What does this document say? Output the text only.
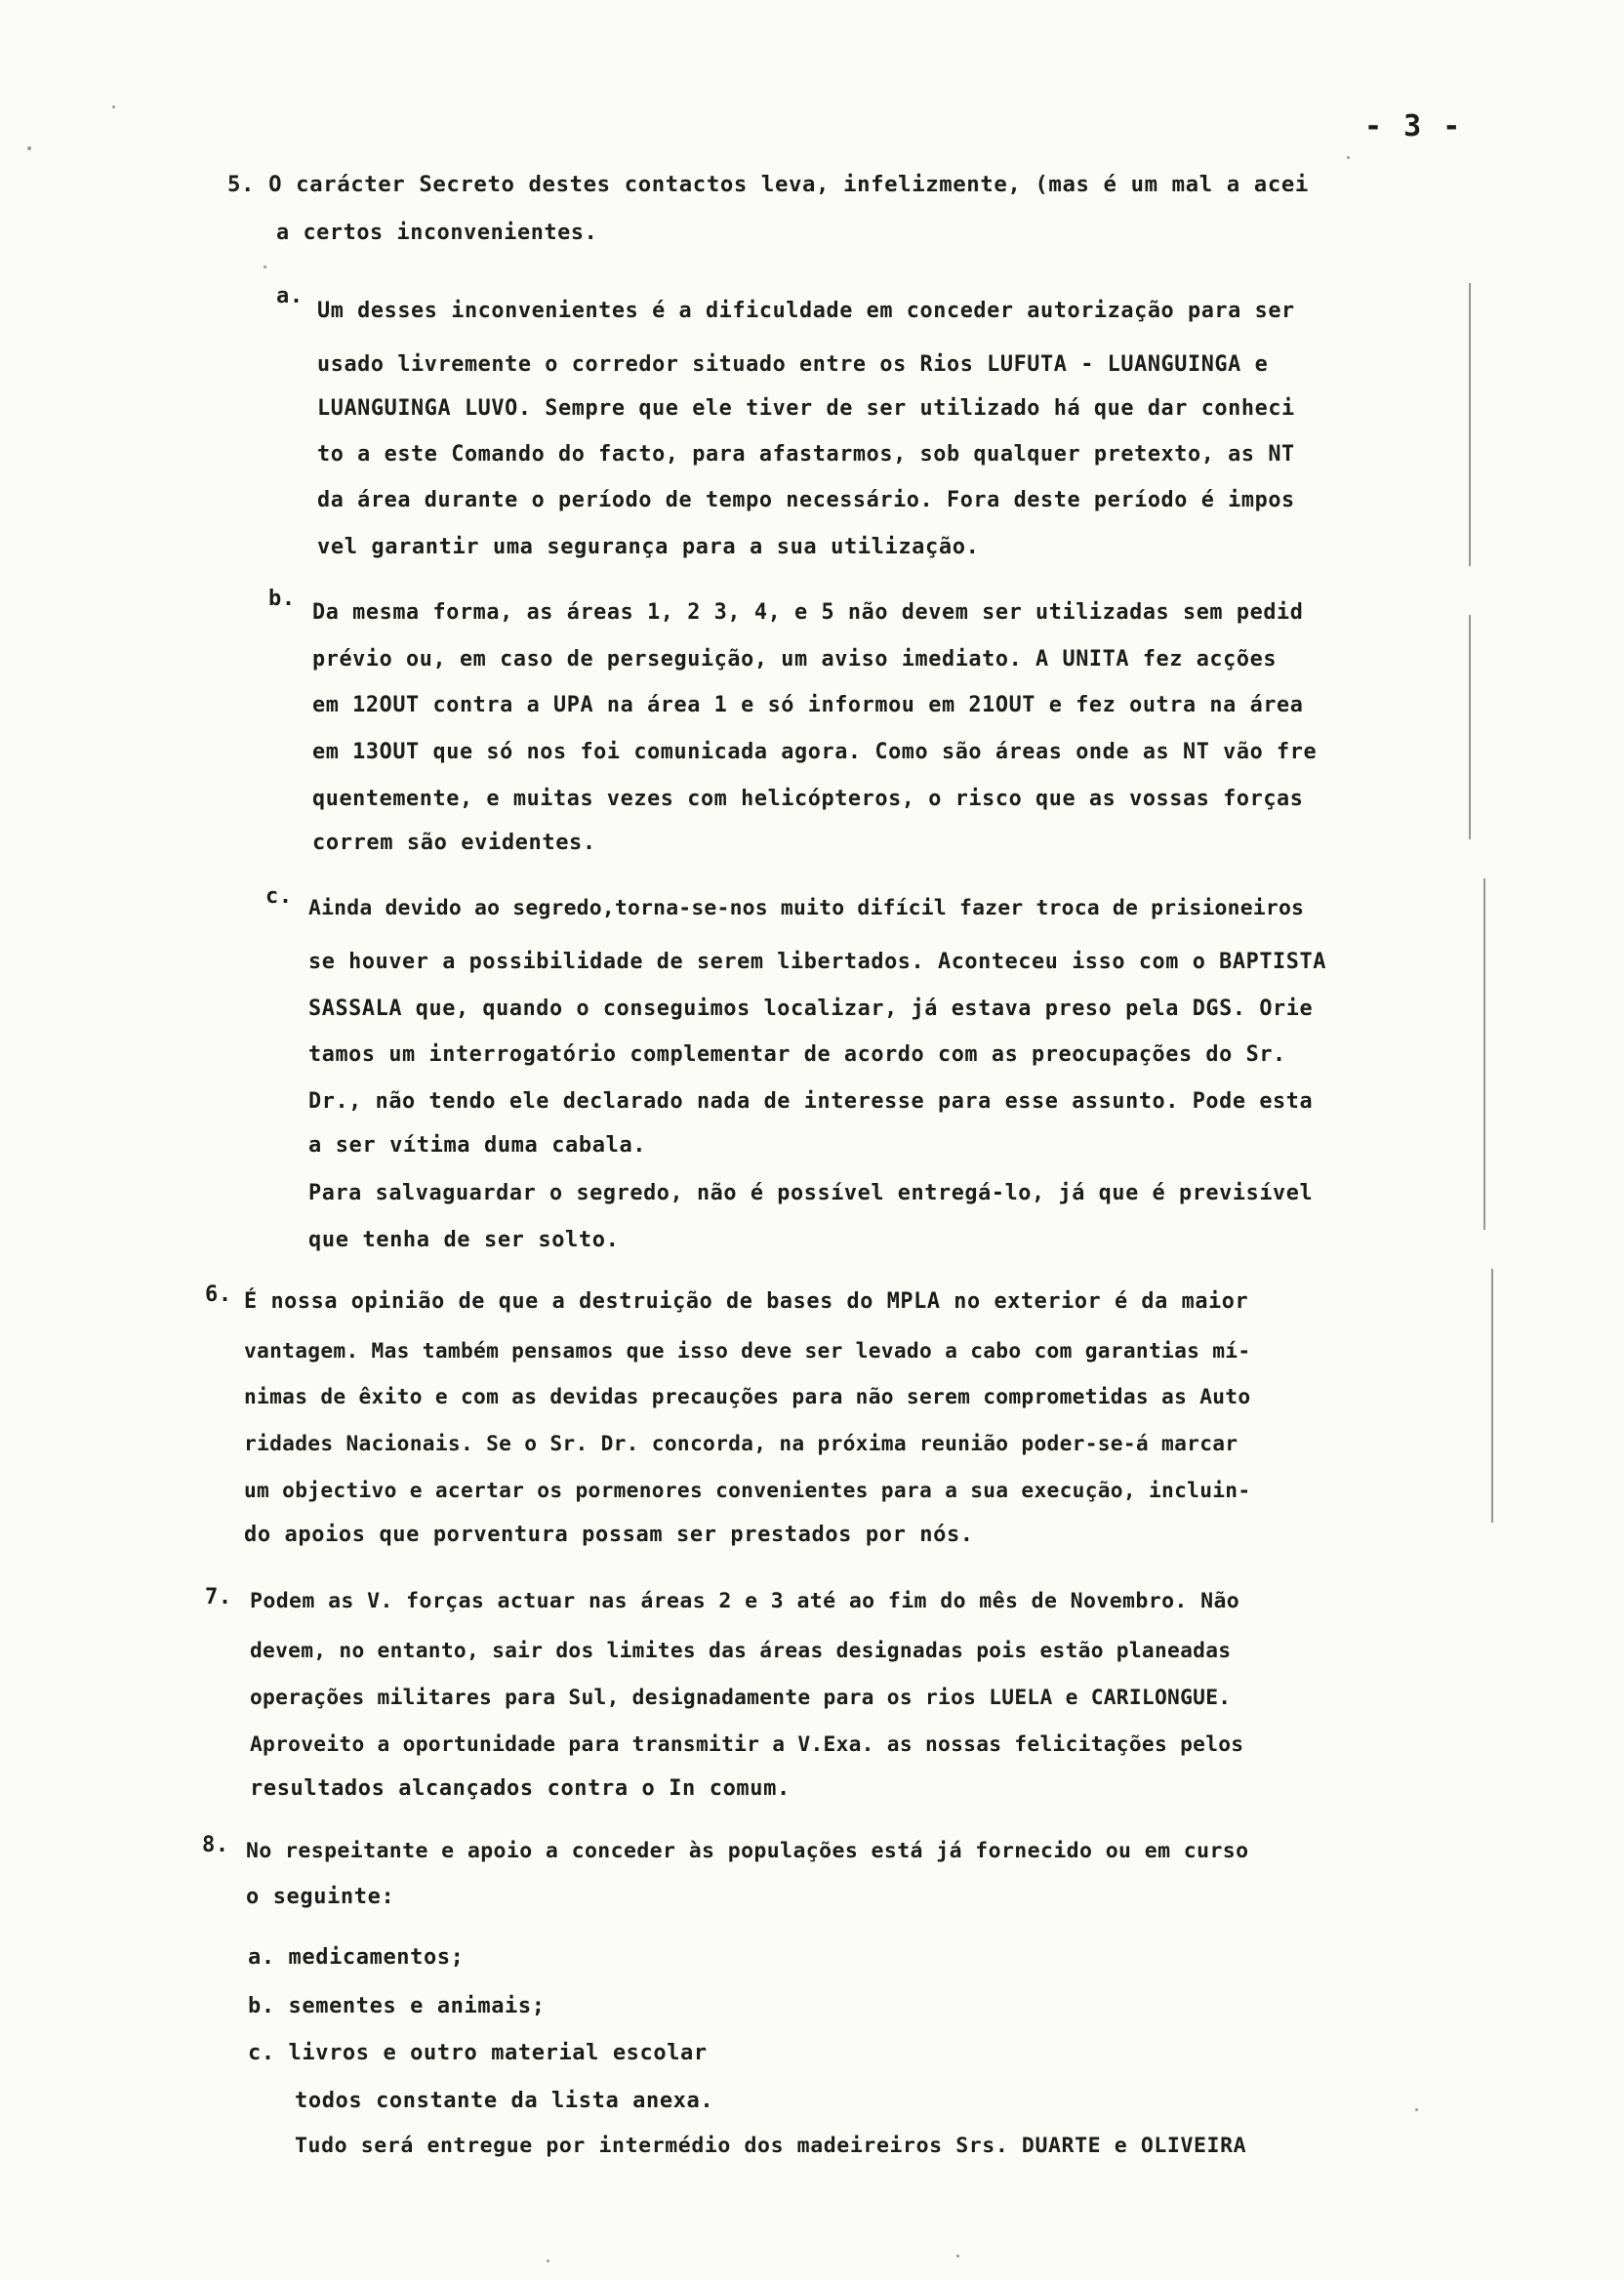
- 3 -
5. O carácter Secreto destes contactos leva, infelizmente, (mas é um mal a acei
a certos inconvenientes.
a.
Um desses inconvenientes é a dificuldade em conceder autorização para ser
usado livremente o corredor situado entre os Rios LUFUTA - LUANGUINGA e
LUANGUINGA LUVO. Sempre que ele tiver de ser utilizado há que dar conheci
to a este Comando do facto, para afastarmos, sob qualquer pretexto, as NT
da área durante o período de tempo necessário. Fora deste período é impos
vel garantir uma segurança para a sua utilização.
b.
Da mesma forma, as áreas 1, 2 3, 4, e 5 não devem ser utilizadas sem pedid
prévio ou, em caso de perseguição, um aviso imediato. A UNITA fez acções
em 12OUT contra a UPA na área 1 e só informou em 21OUT e fez outra na área
em 13OUT que só nos foi comunicada agora. Como são áreas onde as NT vão fre
quentemente, e muitas vezes com helicópteros, o risco que as vossas forças
correm são evidentes.
c. Ainda devido ao segredo,torna-se-nos muito difícil fazer troca de prisioneiros
se houver a possibilidade de serem libertados. Aconteceu isso com o BAPTISTA
SASSALA que, quando o conseguimos localizar, já estava preso pela DGS. Orie
tamos um interrogatório complementar de acordo com as preocupações do Sr.
Dr., não tendo ele declarado nada de interesse para esse assunto. Pode esta
a ser vítima duma cabala.
Para salvaguardar o segredo, não é possível entregá-lo, já que é previsível
que tenha de ser solto.
6. É nossa opinião de que a destruição de bases do MPLA no exterior é da maior
vantagem. Mas também pensamos que isso deve ser levado a cabo com garantias mí-
nimas de êxito e com as devidas precauções para não serem comprometidas as Auto
ridades Nacionais. Se o Sr. Dr. concorda, na próxima reunião poder-se-á marcar
um objectivo e acertar os pormenores convenientes para a sua execução, incluin-
do apoios que porventura possam ser prestados por nós.
7. Podem as V. forças actuar nas áreas 2 e 3 até ao fim do mês de Novembro. Não
devem, no entanto, sair dos limites das áreas designadas pois estão planeadas
operações militares para Sul, designadamente para os rios LUELA e CARILONGUE.
Aproveito a oportunidade para transmitir a V.Exa. as nossas felicitações pelos
resultados alcançados contra o In comum.
8. No respeitante e apoio a conceder às populações está já fornecido ou em curso
o seguinte:
a. medicamentos;
b. sementes e animais;
c. livros e outro material escolar
todos constante da lista anexa.
Tudo será entregue por intermédio dos madeireiros Srs. DUARTE e OLIVEIRA
